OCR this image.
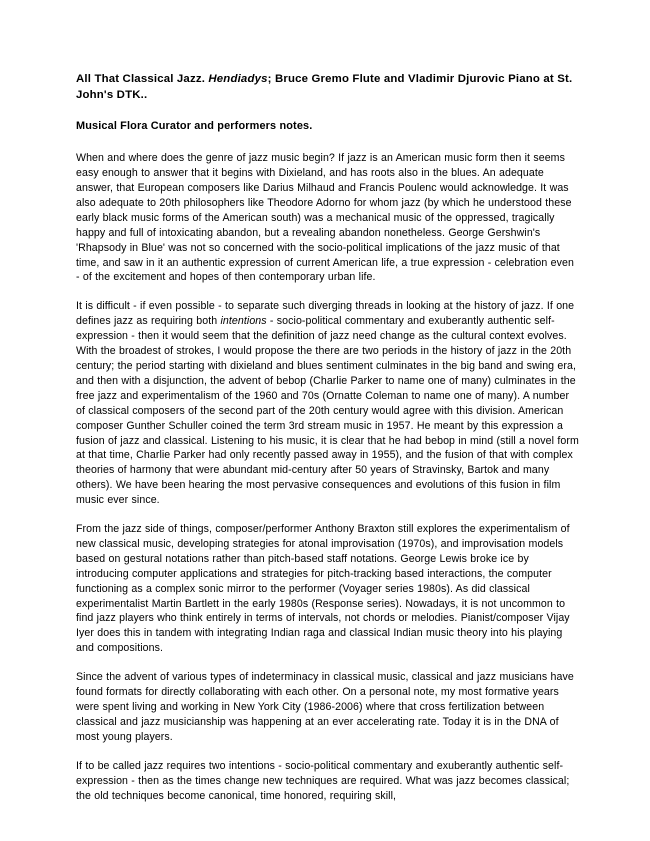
All That Classical Jazz. Hendiadys; Bruce Gremo Flute and Vladimir Djurovic Piano at St. John's DTK..
Musical Flora Curator and performers notes.

When and where does the genre of jazz music begin? If jazz is an American music form then it seems easy enough to answer that it begins with Dixieland, and has roots also in the blues. An adequate answer, that European composers like Darius Milhaud and Francis Poulenc would acknowledge. It was also adequate to 20th philosophers like Theodore Adorno for whom jazz (by which he understood these early black music forms of the American south) was a mechanical music of the oppressed, tragically happy and full of intoxicating abandon, but a revealing abandon nonetheless. George Gershwin's 'Rhapsody in Blue' was not so concerned with the socio-political implications of the jazz music of that time, and saw in it an authentic expression of current American life, a true expression - celebration even - of the excitement and hopes of then contemporary urban life.

It is difficult - if even possible - to separate such diverging threads in looking at the history of jazz. If one defines jazz as requiring both intentions - socio-political commentary and exuberantly authentic self-expression - then it would seem that the definition of jazz need change as the cultural context evolves. With the broadest of strokes, I would propose the there are two periods in the history of jazz in the 20th century; the period starting with dixieland and blues sentiment culminates in the big band and swing era, and then with a disjunction, the advent of bebop (Charlie Parker to name one of many) culminates in the free jazz and experimentalism of the 1960 and 70s (Ornatte Coleman to name one of many). A number of classical composers of the second part of the 20th century would agree with this division. American composer Gunther Schuller coined the term 3rd stream music in 1957. He meant by this expression a fusion of jazz and classical. Listening to his music, it is clear that he had bebop in mind (still a novel form at that time, Charlie Parker had only recently passed away in 1955), and the fusion of that with complex theories of harmony that were abundant mid-century after 50 years of Stravinsky, Bartok and many others). We have been hearing the most pervasive consequences and evolutions of this fusion in film music ever since.

From the jazz side of things, composer/performer Anthony Braxton still explores the experimentalism of new classical music, developing strategies for atonal improvisation (1970s), and improvisation models based on gestural notations rather than pitch-based staff notations. George Lewis broke ice by introducing computer applications and strategies for pitch-tracking based interactions, the computer functioning as a complex sonic mirror to the performer (Voyager series 1980s). As did classical experimentalist Martin Bartlett in the early 1980s (Response series). Nowadays, it is not uncommon to find jazz players who think entirely in terms of intervals, not chords or melodies. Pianist/composer Vijay Iyer does this in tandem with integrating Indian raga and classical Indian music theory into his playing and compositions.

Since the advent of various types of indeterminacy in classical music, classical and jazz musicians have found formats for directly collaborating with each other. On a personal note, my most formative years were spent living and working in New York City (1986-2006) where that cross fertilization between classical and jazz musicianship was happening at an ever accelerating rate. Today it is in the DNA of most young players.

If to be called jazz requires two intentions - socio-political commentary and exuberantly authentic self-expression - then as the times change new techniques are required. What was jazz becomes classical; the old techniques become canonical, time honored, requiring skill,
